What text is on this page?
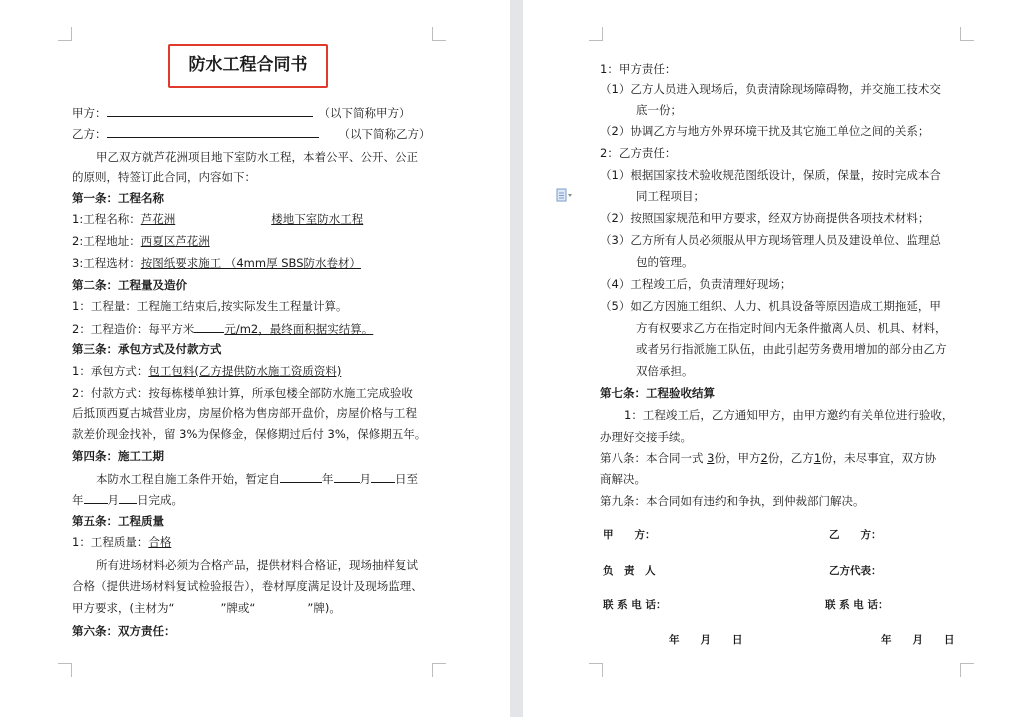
防水工程合同书
甲方：	（以下简称甲方）
乙方：	（以下简称乙方）
甲乙双方就芦花洲项目地下室防水工程，本着公平、公开、公正
的原则，特签订此合同，内容如下：
第一条：工程名称
1:工程名称：芦花洲	楼地下室防水工程
2:工程地址：西夏区芦花洲
3:工程选材：按图纸要求施工 （4mm厚 SBS防水卷材）
第二条：工程量及造价
1：工程量：工程施工结束后,按实际发生工程量计算。
2：工程造价：每平方米	元/m2，最终面积据实结算。
第三条：承包方式及付款方式
1：承包方式：包工包料(乙方提供防水施工资质资料)
2：付款方式：按每栋楼单独计算，所承包楼全部防水施工完成验收
后抵顶西夏古城营业房，房屋价格为售房部开盘价，房屋价格与工程
款差价现金找补，留 3%为保修金，保修期过后付 3%，保修期五年。
第四条：施工工期
本防水工程自施工条件开始，暂定自	年 月 日至
年 月 日完成。
第五条：工程质量
1：工程质量：合格
所有进场材料必须为合格产品，提供材料合格证，现场抽样复试
合格（提供进场材料复试检验报告），卷材厚度满足设计及现场监理、
甲方要求，(主材为“	”牌或“	”牌)。
第六条：双方责任：
1：甲方责任：
（1）乙方人员进入现场后，负责清除现场障碍物，并交施工技术交
底一份；
（2）协调乙方与地方外界环境干扰及其它施工单位之间的关系；
2：乙方责任：
（1）根据国家技术验收规范图纸设计，保质，保量，按时完成本合
同工程项目；
（2）按照国家规范和甲方要求，经双方协商提供各项技术材料；
（3）乙方所有人员必须服从甲方现场管理人员及建设单位、监理总
包的管理。
（4）工程竣工后，负责清理好现场；
（5）如乙方因施工组织、人力、机具设备等原因造成工期拖延，甲
方有权要求乙方在指定时间内无条件撤离人员、机具、材料，
或者另行指派施工队伍，由此引起劳务费用增加的部分由乙方
双倍承担。
第七条：工程验收结算
1：工程竣工后，乙方通知甲方，由甲方邀约有关单位进行验收，
办理好交接手续。
第八条：本合同一式 3份，甲方2份，乙方1份，未尽事宜，双方协
商解决。
第九条：本合同如有违约和争执，到仲裁部门解决。
甲　　方：	乙　　方：
负　责　人	乙方代表：
联 系 电 话：	联 系 电 话：
年　　月　　日	年　　月　　日
